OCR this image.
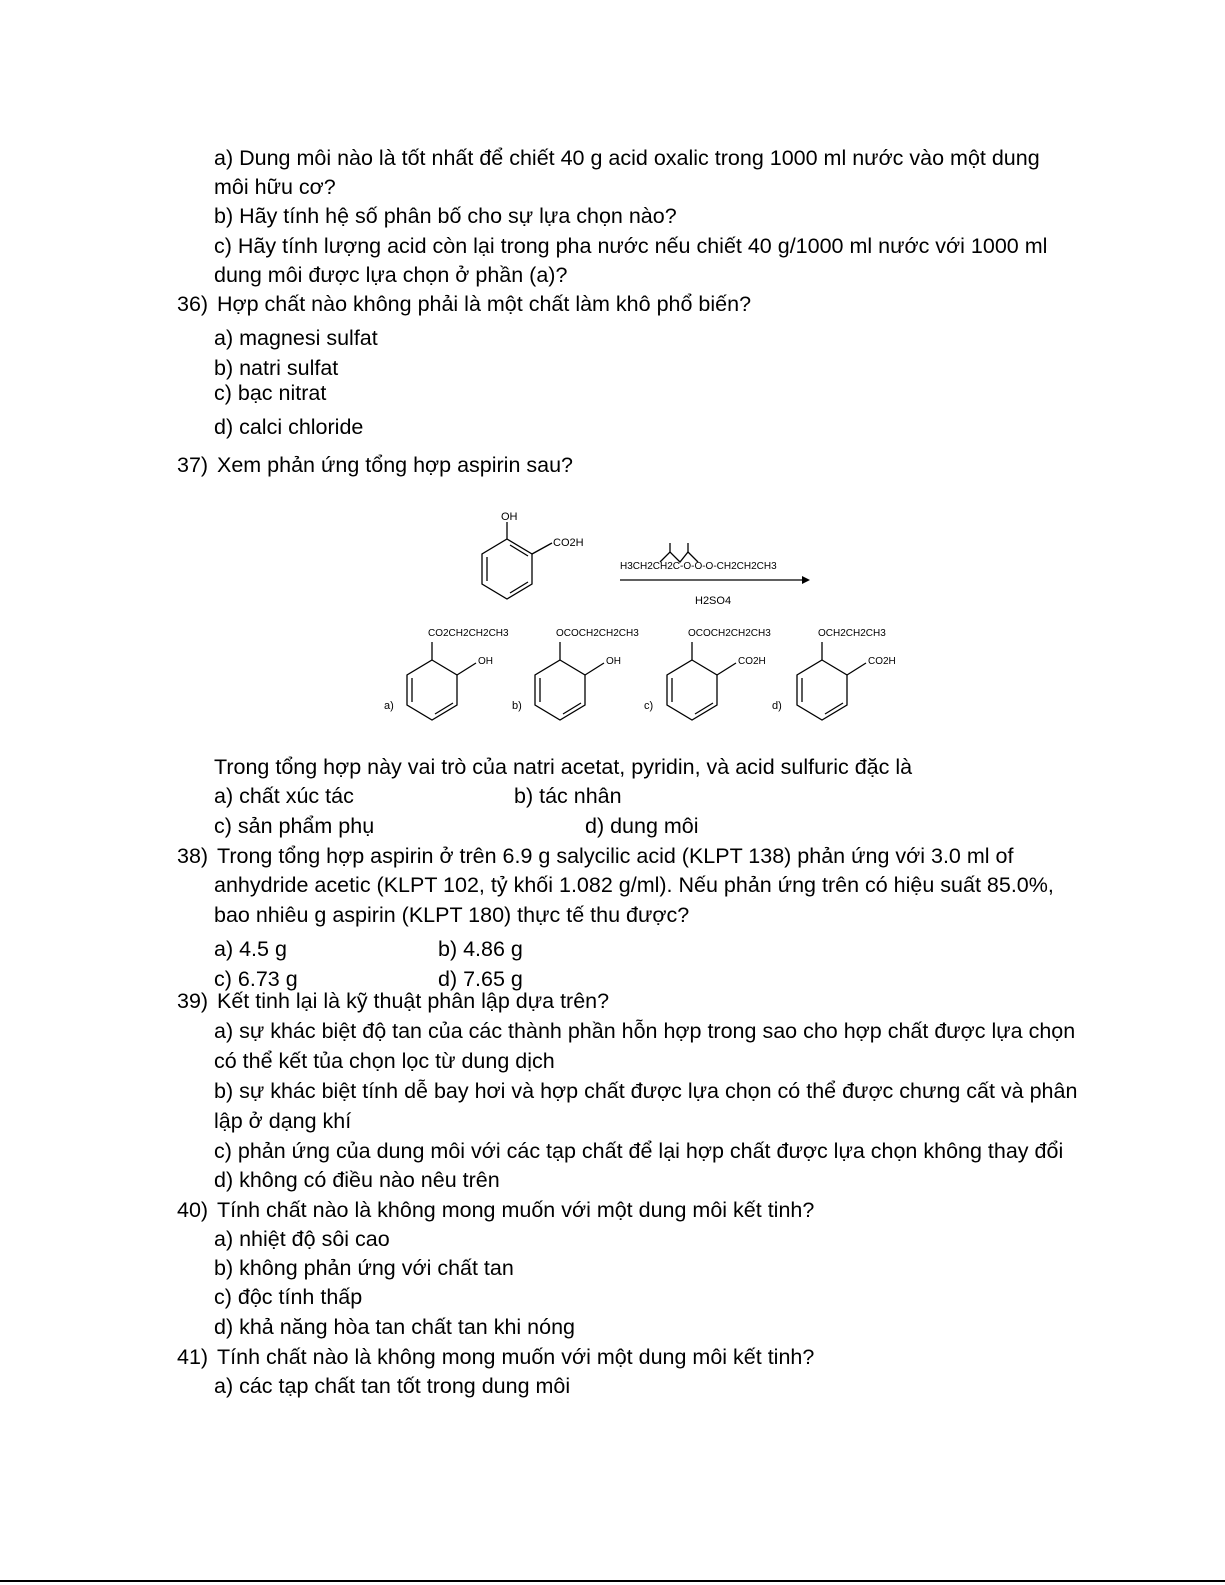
a) Dung môi nào là tốt nhất để chiết 40 g acid oxalic trong 1000 ml nước vào một dung
môi hữu cơ?
b) Hãy tính hệ số phân bố cho sự lựa chọn nào?
c) Hãy tính lượng acid còn lại trong pha nước nếu chiết 40 g/1000 ml nước với 1000 ml
dung môi được lựa chọn ở phần (a)?
36) Hợp chất nào không phải là một chất làm khô phổ biến?
a) magnesi sulfat
b) natri sulfat
c) bạc nitrat
d) calci chloride
37) Xem phản ứng tổng hợp aspirin sau?
OH
CO2H
H3CH2CH2C-O-O-O-CH2CH2CH3
H2SO4
a)
CO2CH2CH2CH3
OH
b)
OCOCH2CH2CH3
OH
c)
OCOCH2CH2CH3
CO2H
d)
OCH2CH2CH3
CO2H
Trong tổng hợp này vai trò của natri acetat, pyridin, và acid sulfuric đặc là
a) chất xúc tác	b) tác nhân
c) sản phẩm phụ	d) dung môi
38) Trong tổng hợp aspirin ở trên 6.9 g salycilic acid (KLPT 138) phản ứng với 3.0 ml of
anhydride acetic (KLPT 102, tỷ khối 1.082 g/ml). Nếu phản ứng trên có hiệu suất 85.0%,
bao nhiêu g aspirin (KLPT 180) thực tế thu được?
a) 4.5 g	b) 4.86 g
c) 6.73 g	d) 7.65 g
39) Kết tinh lại là kỹ thuật phân lập dựa trên?
a) sự khác biệt độ tan của các thành phần hỗn hợp trong sao cho hợp chất được lựa chọn
có thể kết tủa chọn lọc từ dung dịch
b) sự khác biệt tính dễ bay hơi và hợp chất được lựa chọn có thể được chưng cất và phân
lập ở dạng khí
c) phản ứng của dung môi với các tạp chất để lại hợp chất được lựa chọn không thay đổi
d) không có điều nào nêu trên
40) Tính chất nào là không mong muốn với một dung môi kết tinh?
a) nhiệt độ sôi cao
b) không phản ứng với chất tan
c) độc tính thấp
d) khả năng hòa tan chất tan khi nóng
41) Tính chất nào là không mong muốn với một dung môi kết tinh?
a) các tạp chất tan tốt trong dung môi
